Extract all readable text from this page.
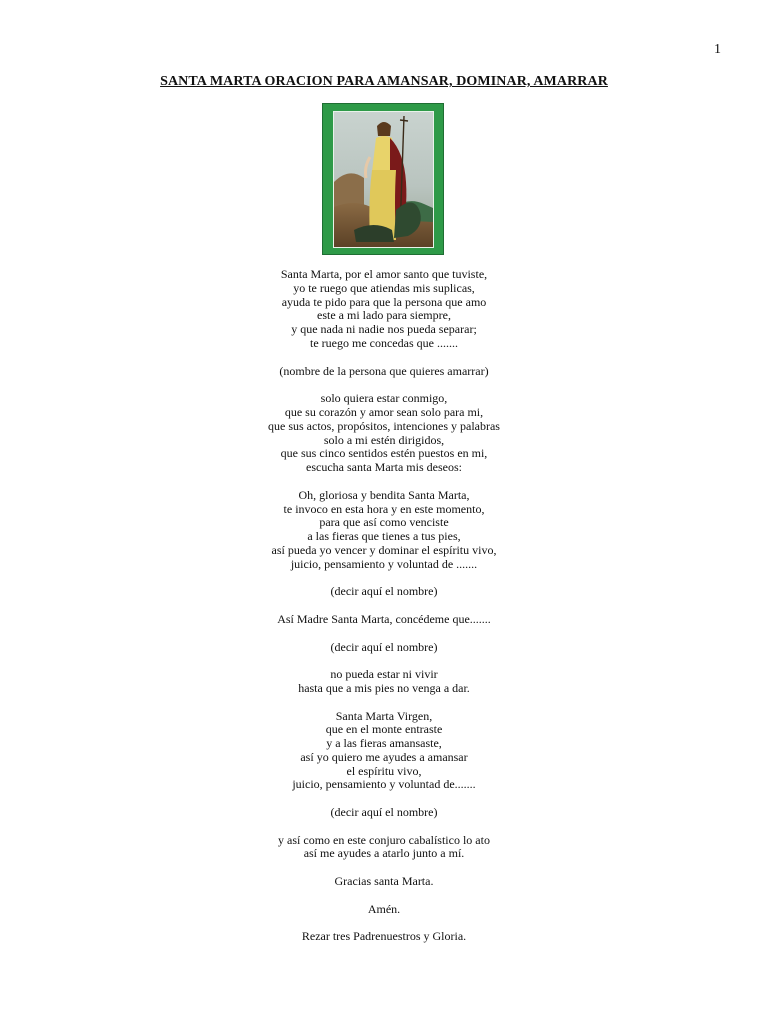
1
SANTA MARTA ORACION PARA AMANSAR, DOMINAR, AMARRAR
Santa Marta, por el amor santo que tuviste,
yo te ruego que atiendas mis suplicas,
ayuda te pido para que la persona que amo
este a mi lado para siempre,
y que nada ni nadie nos pueda separar;
te ruego me concedas que .......
(nombre de la persona que quieres amarrar)
solo quiera estar conmigo,
que su corazón y amor sean solo para mi,
que sus actos, propósitos, intenciones y palabras
solo a mi estén dirigidos,
que sus cinco sentidos estén puestos en mi,
escucha santa Marta mis deseos:
Oh, gloriosa y bendita Santa Marta,
te invoco en esta hora y en este momento,
para que así como venciste
a las fieras que tienes a tus pies,
así pueda yo vencer y dominar el espíritu vivo,
juicio, pensamiento y voluntad de .......
(decir aquí el nombre)
Así Madre Santa Marta, concédeme que.......
(decir aquí el nombre)
no pueda estar ni vivir
hasta que a mis pies no venga a dar.
Santa Marta Virgen,
que en el monte entraste
y a las fieras amansaste,
así yo quiero me ayudes a amansar
el espíritu vivo,
juicio, pensamiento y voluntad de.......
(decir aquí el nombre)
y así como en este conjuro cabalístico lo ato
así me ayudes a atarlo junto a mí.
Gracias santa Marta.
Amén.
Rezar tres Padrenuestros y Gloria.
